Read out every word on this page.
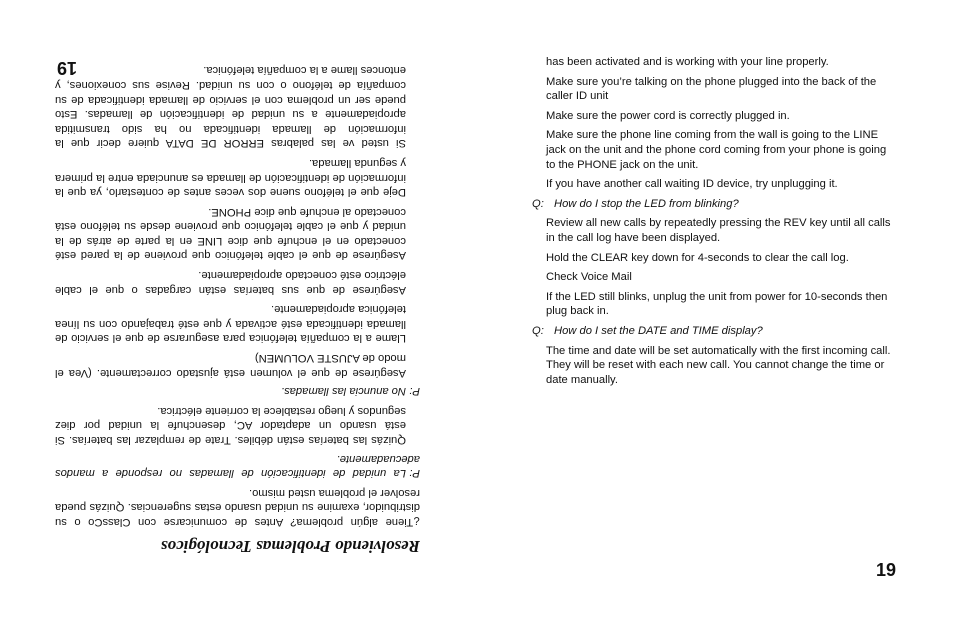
Resolviendo Problemas Tecnológicos

¿Tiene algún problema? Antes de comunicarse con ClassCo o su distribuidor, examine su unidad usando estas sugerencias. Quizás pueda resolver el problema usted mismo.

P:La unidad de identificación de llamadas no responde a mandos adecuadamente.

Quizás las baterías están débiles. Trate de remplazar las baterías. Si está usando un adaptador AC, desenchufe la unidad por diez segundos y luego restablece la corriente eléctrica.

P:No anuncia las llamadas.

Asegúrese de que el volumen está ajustado correctamente. (Vea el modo de AJUSTE VOLUMEN)

Llame a la compañía telefónica para asegurarse de que el servicio de llamada identificada esté activada y que esté trabajando con su línea telefónica apropiadamente.

Asegúrese de que sus baterías están cargadas o que el cable eléctrico esté conectado apropiadamente.

Asegúrese de que el cable telefónico que proviene de la pared esté conectado en el enchufe que dice LINE en la parte de atrás de la unidad y que el cable telefónico que proviene desde su teléfono está conectado al enchufe que dice PHONE.

Deje que el teléfono suene dos veces antes de contestarlo, ya que la información de identificación de llamada es anunciada entre la primera y segunda llamada.

Si usted ve las palabras ERROR DE DATA quiere decir que la información de llamada identificada no ha sido transmitida apropiadamente a su unidad de identificación de llamadas. Esto puede ser un problema con el servicio de llamada identificada de su compañía de teléfono o con su unidad. Revise sus conexiones, y entonces llame a la compañía telefónica.

19	has been activated and is working with your line properly.

Make sure you’re talking on the phone plugged into the back of the caller ID unit

Make sure the power cord is correctly plugged in.

Make sure the phone line coming from the wall is going to the LINE jack on the unit and the phone cord coming from your phone is going to the PHONE jack on the unit.

If you have another call waiting ID device, try unplugging it.

Q: How do I stop the LED from blinking?

Review all new calls by repeatedly pressing the REV key until all calls in the call log have been displayed.

Hold the CLEAR key down for 4-seconds to clear the call log.

Check Voice Mail

If the LED still blinks, unplug the unit from power for 10-seconds then plug back in.

Q: How do I set the DATE and TIME display?

The time and date will be set automatically with the first incoming call. They will be reset with each new call. You cannot change the time or date manually.

19
